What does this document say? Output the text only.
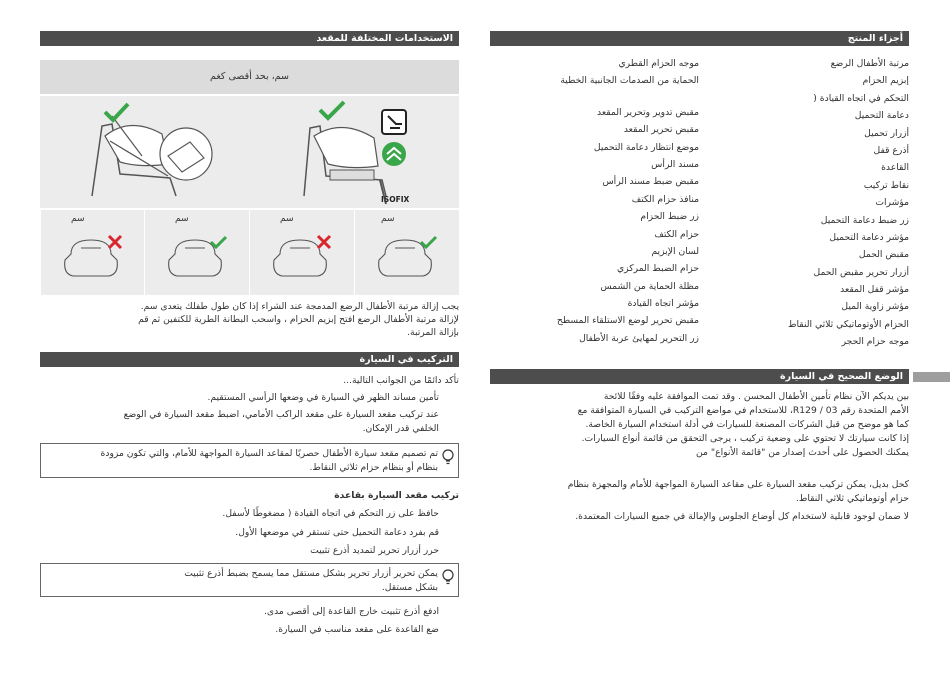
أجزاء المنتج
مرتبة الأطفال الرضع
إبزيم الحزام
التحكم في اتجاه القيادة (
دعامة التحميل
أزرار تحميل
أذرع قفل
القاعدة
نقاط تركيب
مؤشرات
زر ضبط دعامة التحميل
مؤشر دعامة التحميل
مقبض الحمل
أزرار تحرير مقبض الحمل
مؤشر قفل المقعد
مؤشر زاوية الميل
الحزام الأوتوماتيكي ثلاثي النقاط
موجه حزام الحجر
موجه الحزام القطري
الحماية من الصدمات الجانبية الخطية
مقبض تدوير وتحرير المقعد
مقبض تحرير المقعد
موضع انتظار دعامة التحميل
مسند الرأس
مقبض ضبط مسند الرأس
منافذ حزام الكتف
زر ضبط الحزام
حزام الكتف
لسان الإبزيم
حزام الضبط المركزي
مظلة الحماية من الشمس
مؤشر اتجاه القيادة
مقبض تحرير لوضع الاستلقاء المسطح
زر التحرير لمهايئ عربة الأطفال
الوضع الصحيح في السيارة
بين يديكم الآن نظام تأمين الأطفال المحسن . وقد تمت الموافقة عليه وفقًا للائحة
الأمم المتحدة رقم R129 / 03، للاستخدام في مواضع التركيب في السيارة المتوافقة مع
كما هو موضح من قبل الشركات المصنعة للسيارات في أدلة استخدام السيارة الخاصة.
إذا كانت سيارتك لا تحتوي على وضعية تركيب ، يرجى التحقق من قائمة أنواع السيارات.
يمكنك الحصول على أحدث إصدار من "قائمة الأنواع" من
كحل بديل، يمكن تركيب مقعد السيارة على مقاعد السيارة المواجهة للأمام والمجهزة بنظام
حزام أوتوماتيكي ثلاثي النقاط.
لا ضمان لوجود قابلية لاستخدام كل أوضاع الجلوس والإمالة في جميع السيارات المعتمدة.
الاستخدامات المختلفة للمقعد
سم، بحد أقصى كغم
ISOFIX
سم	سم	سم	سم
يجب إزالة مرتبة الأطفال الرضع المدمجة عند الشراء إذا كان طول طفلك يتعدى سم.
لإزالة مرتبة الأطفال الرضع افتح إبزيم الحزام ، واسحب البطانة الطرية للكتفين ثم قم
بإزالة المرتبة.
التركيب في السيارة
تأكد دائمًا من الجوانب التالية...
تأمين مساند الظهر في السيارة في وضعها الرأسي المستقيم.
عند تركيب مقعد السيارة على مقعد الراكب الأمامي، اضبط مقعد السيارة في الوضع
الخلفي قدر الإمكان.
تم تصميم مقعد سيارة الأطفال حصريًا لمقاعد السيارة المواجهة للأمام، والتي تكون مزودة
بنظام أو بنظام حزام ثلاثي النقاط.
تركيب مقعد السيارة بقاعدة
حافظ على زر التحكم في اتجاه القيادة ( مضغوطًا لأسفل.
قم بفرد دعامة التحميل حتى تستقر في موضعها الأول.
حرر أزرار تحرير لتمديد أذرع تثبيت
يمكن تحرير أزرار تحرير بشكل مستقل مما يسمح بضبط أذرع تثبيت
بشكل مستقل.
ادفع أذرع تثبيت خارج القاعدة إلى أقصى مدى.
ضع القاعدة على مقعد مناسب في السيارة.
